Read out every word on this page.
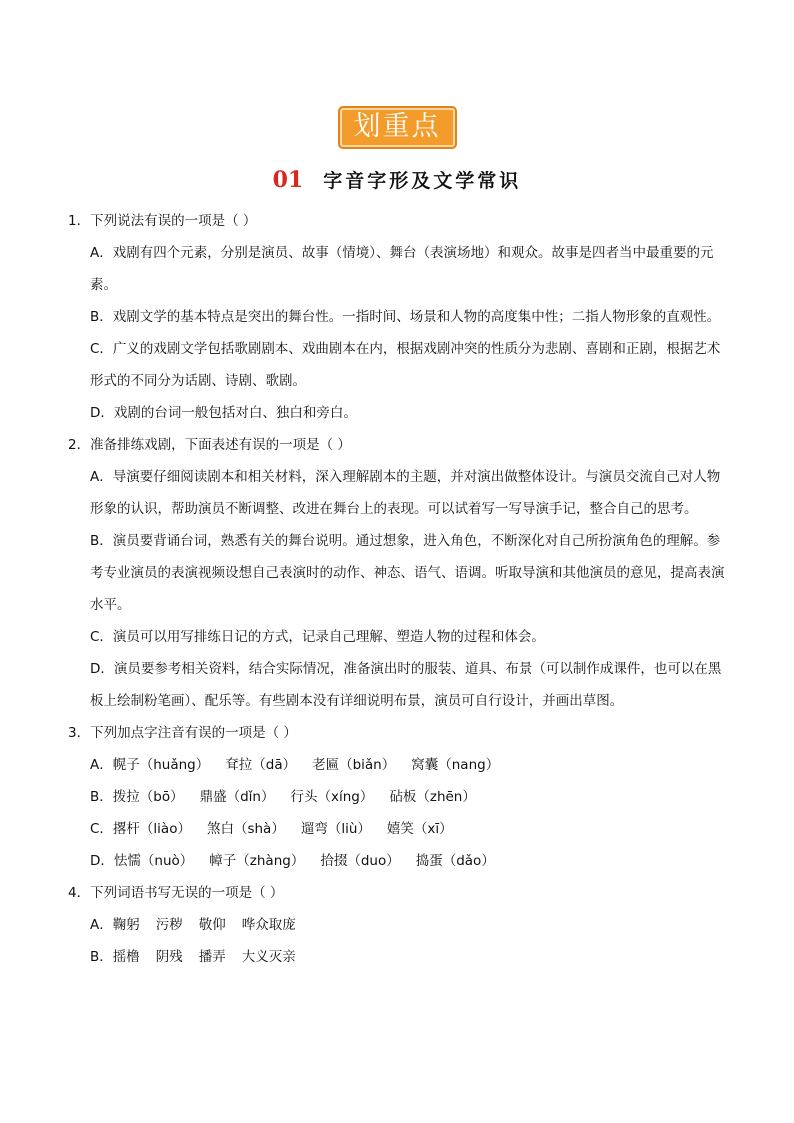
划重点
01 字音字形及文学常识

1．下列说法有误的一项是（ ）

A．戏剧有四个元素，分别是演员、故事（情境）、舞台（表演场地）和观众。故事是四者当中最重要的元素。

B．戏剧文学的基本特点是突出的舞台性。一指时间、场景和人物的高度集中性；二指人物形象的直观性。

C．广义的戏剧文学包括歌剧剧本、戏曲剧本在内，根据戏剧冲突的性质分为悲剧、喜剧和正剧，根据艺术形式的不同分为话剧、诗剧、歌剧。

D．戏剧的台词一般包括对白、独白和旁白。

2．准备排练戏剧，下面表述有误的一项是（ ）

A．导演要仔细阅读剧本和相关材料，深入理解剧本的主题，并对演出做整体设计。与演员交流自己对人物形象的认识，帮助演员不断调整、改进在舞台上的表现。可以试着写一写导演手记，整合自己的思考。

B．演员要背诵台词，熟悉有关的舞台说明。通过想象，进入角色，不断深化对自己所扮演角色的理解。参考专业演员的表演视频设想自己表演时的动作、神态、语气、语调。听取导演和其他演员的意见，提高表演水平。

C．演员可以用写排练日记的方式，记录自己理解、塑造人物的过程和体会。

D．演员要参考相关资料，结合实际情况，准备演出时的服装、道具、布景（可以制作成课件，也可以在黑板上绘制粉笔画）、配乐等。有些剧本没有详细说明布景，演员可自行设计，并画出草图。

3．下列加点字注音有误的一项是（ ）

A．幌子（huǎng） 耷拉（dā） 老匾（biǎn） 窝囊（nang）

B．拨拉（bō） 鼎盛（dǐn） 行头（xíng） 砧板（zhēn）

C．撂杆（liào） 煞白（shà） 遛弯（liù） 嬉笑（xī）

D．怯懦（nuò） 幛子（zhàng） 拾掇（duo） 捣蛋（dǎo）

4．下列词语书写无误的一项是（ ）

A．鞠躬 污秽 敬仰 哗众取庞

B．摇橹 阴残 播弄 大义灭亲
